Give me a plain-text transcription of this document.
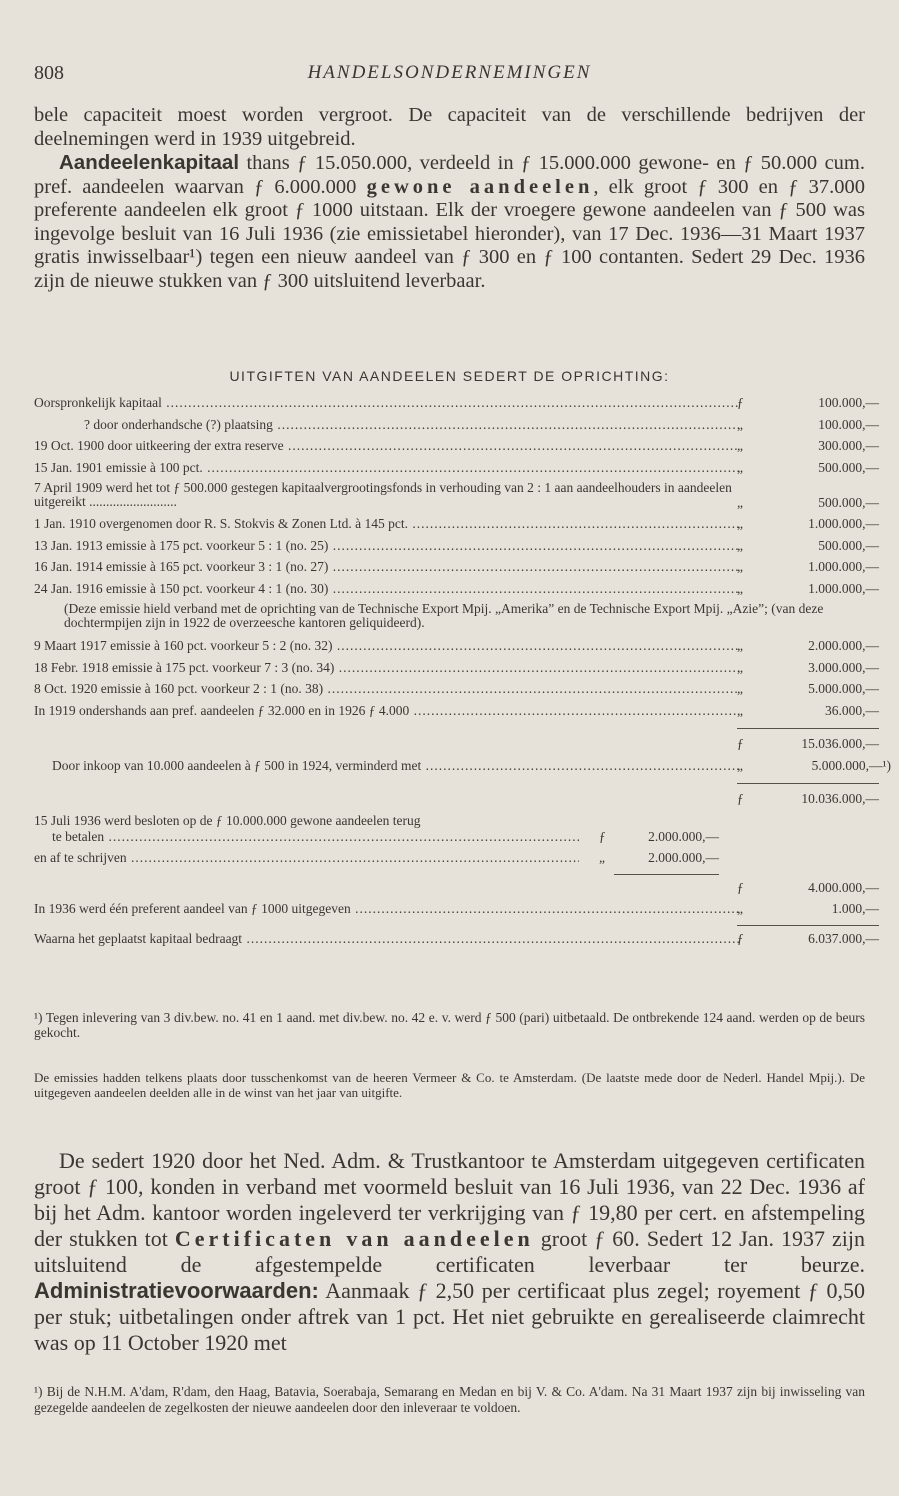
808	HANDELSONDERNEMINGEN

bele capaciteit moest worden vergroot. De capaciteit van de verschillende bedrijven der deelnemingen werd in 1939 uitgebreid.

Aandeelenkapitaal thans ƒ 15.050.000, verdeeld in ƒ 15.000.000 gewone- en ƒ 50.000 cum. pref. aandeelen waarvan ƒ 6.000.000 gewone aandeelen, elk groot ƒ 300 en ƒ 37.000 preferente aandeelen elk groot ƒ 1000 uitstaan. Elk der vroegere gewone aandeelen van ƒ 500 was ingevolge besluit van 16 Juli 1936 (zie emissietabel hieronder), van 17 Dec. 1936—31 Maart 1937 gratis inwisselbaar¹) tegen een nieuw aandeel van ƒ 300 en ƒ 100 contanten. Sedert 29 Dec. 1936 zijn de nieuwe stukken van ƒ 300 uitsluitend leverbaar.

UITGIFTEN VAN AANDEELEN SEDERT DE OPRICHTING:
Oorspronkelijk kapitaal .....	ƒ	100.000,—
? door onderhandsche (?) plaatsing .....	„	100.000,—
19 Oct. 1900 door uitkeering der extra reserve .....	„	300.000,—
15 Jan. 1901 emissie à 100 pct. .....	„	500.000,—
7 April 1909 werd het tot ƒ 500.000 gestegen kapitaalvergrootingsfonds in verhouding van 2 : 1 aan aandeelhouders in aandeelen uitgereikt ..........................	„	500.000,—
1 Jan. 1910 overgenomen door R. S. Stokvis & Zonen Ltd. à 145 pct. .....	„	1.000.000,—
13 Jan. 1913 emissie à 175 pct. voorkeur 5 : 1 (no. 25) .....	„	500.000,—
16 Jan. 1914 emissie à 165 pct. voorkeur 3 : 1 (no. 27) .....	„	1.000.000,—
24 Jan. 1916 emissie à 150 pct. voorkeur 4 : 1 (no. 30) .....	„	1.000.000,—
(Deze emissie hield verband met de oprichting van de Technische Export Mpij. „Amerika” en de Technische Export Mpij. „Azie”; (van deze dochtermpijen zijn in 1922 de overzeesche kantoren geliquideerd).
9 Maart 1917 emissie à 160 pct. voorkeur 5 : 2 (no. 32) .....	„	2.000.000,—
18 Febr. 1918 emissie à 175 pct. voorkeur 7 : 3 (no. 34) .....	„	3.000.000,—
8 Oct. 1920 emissie à 160 pct. voorkeur 2 : 1 (no. 38) .....	„	5.000.000,—
In 1919 ondershands aan pref. aandeelen ƒ 32.000 en in 1926 ƒ 4.000 .....	„	36.000,—
ƒ	15.036.000,—
Door inkoop van 10.000 aandeelen à ƒ 500 in 1924, verminderd met .....	„	5.000.000,—¹)
ƒ	10.036.000,—
15 Juli 1936 werd besloten op de ƒ 10.000.000 gewone aandeelen terug
te betalen .....	ƒ	2.000.000,—
en af te schrijven .....	„	2.000.000,—
ƒ	4.000.000,—
In 1936 werd één preferent aandeel van ƒ 1000 uitgegeven .....	„	1.000,—
Waarna het geplaatst kapitaal bedraagt .....	ƒ	6.037.000,—

¹) Tegen inlevering van 3 div.bew. no. 41 en 1 aand. met div.bew. no. 42 e. v. werd ƒ 500 (pari) uitbetaald. De ontbrekende 124 aand. werden op de beurs gekocht.

De emissies hadden telkens plaats door tusschenkomst van de heeren Vermeer & Co. te Amsterdam. (De laatste mede door de Nederl. Handel Mpij.). De uitgegeven aandeelen deelden alle in de winst van het jaar van uitgifte.

De sedert 1920 door het Ned. Adm. & Trustkantoor te Amsterdam uitgegeven certificaten groot ƒ 100, konden in verband met voormeld besluit van 16 Juli 1936, van 22 Dec. 1936 af bij het Adm. kantoor worden ingeleverd ter verkrijging van ƒ 19,80 per cert. en afstempeling der stukken tot Certificaten van aandeelen groot ƒ 60. Sedert 12 Jan. 1937 zijn uitsluitend de afgestempelde certificaten leverbaar ter beurze. Administratievoorwaarden: Aanmaak ƒ 2,50 per certificaat plus zegel; royement ƒ 0,50 per stuk; uitbetalingen onder aftrek van 1 pct. Het niet gebruikte en gerealiseerde claimrecht was op 11 October 1920 met

¹) Bij de N.H.M. A'dam, R'dam, den Haag, Batavia, Soerabaja, Semarang en Medan en bij V. & Co. A'dam. Na 31 Maart 1937 zijn bij inwisseling van gezegelde aandeelen de zegelkosten der nieuwe aandeelen door den inleveraar te voldoen.
